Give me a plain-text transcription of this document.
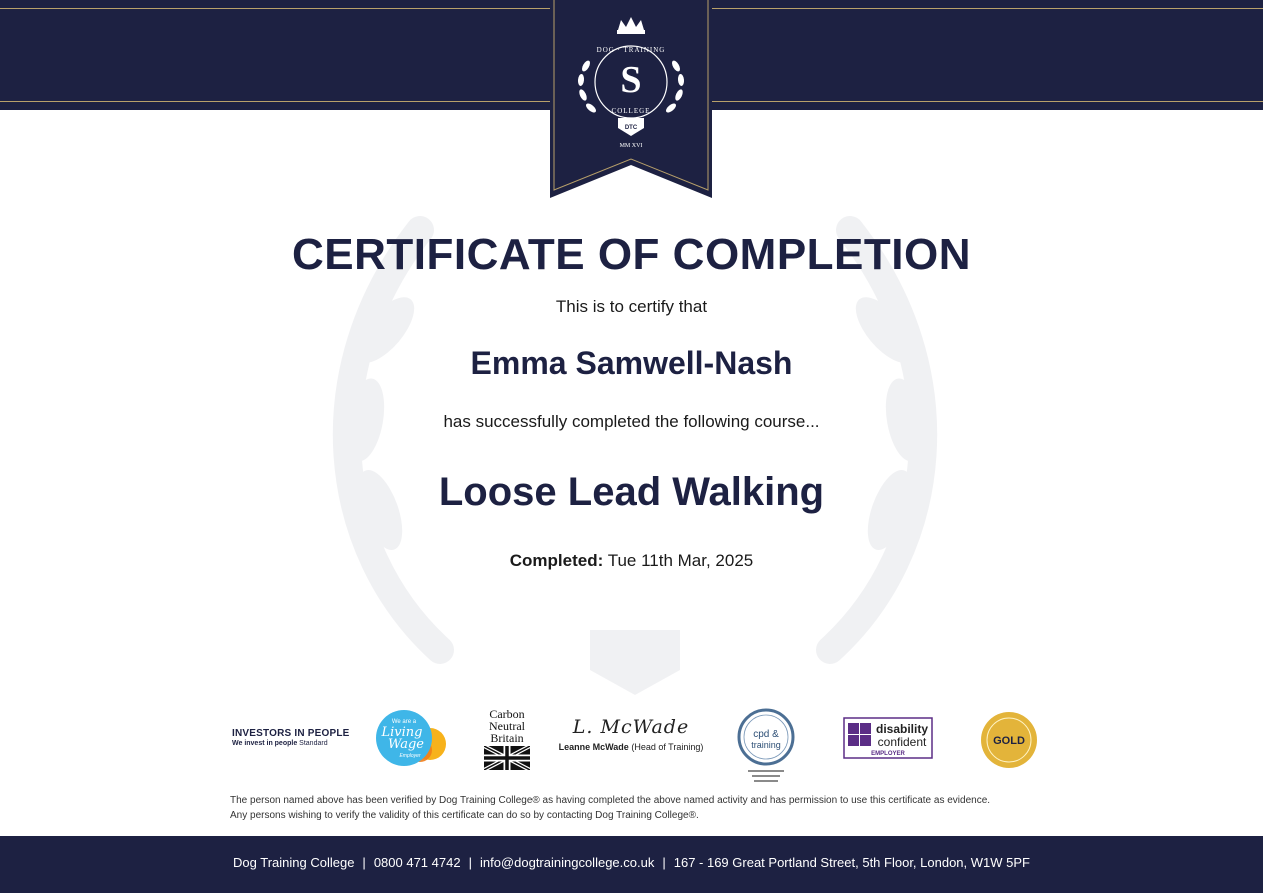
S
DTC
DOG · TRAINING
COLLEGE
MM XVI
CERTIFICATE OF COMPLETION
This is to certify that
Emma Samwell-Nash
has successfully completed the following course...
Loose Lead Walking
Completed: Tue 11th Mar, 2025
INVESTORS IN PEOPLE
We invest in people Standard
We are a
Living
Wage
Employer
Carbon
Neutral
Britain	L. McWade
Leanne McWade (Head of Training)
cpd &
training
disability
confident
EMPLOYER
GOLD
The person named above has been verified by Dog Training College® as having completed the above named activity and has permission to use this certificate as evidence.
Any persons wishing to verify the validity of this certificate can do so by contacting Dog Training College®.
Dog Training College | 0800 471 4742 | info@dogtrainingcollege.co.uk | 167 - 169 Great Portland Street, 5th Floor, London, W1W 5PF
